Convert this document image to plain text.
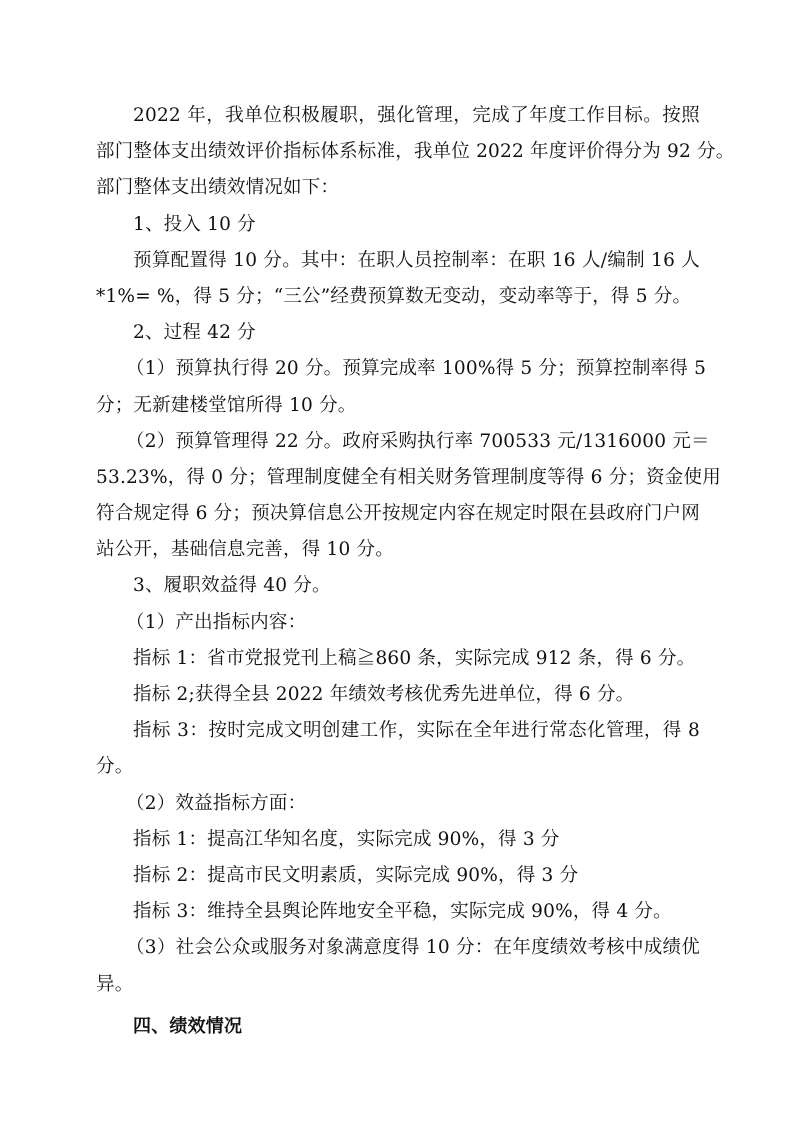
2022 年，我单位积极履职，强化管理，完成了年度工作目标。按照
部门整体支出绩效评价指标体系标准，我单位 2022 年度评价得分为 92 分。
部门整体支出绩效情况如下：
1、投入 10 分
预算配置得 10 分。其中：在职人员控制率：在职 16 人/编制 16 人
*1%= %，得 5 分；“三公”经费预算数无变动，变动率等于，得 5 分。
2、过程 42 分
（1）预算执行得 20 分。预算完成率 100%得 5 分；预算控制率得 5
分；无新建楼堂馆所得 10 分。
（2）预算管理得 22 分。政府采购执行率 700533 元/1316000 元＝
53.23%，得 0 分；管理制度健全有相关财务管理制度等得 6 分；资金使用
符合规定得 6 分；预决算信息公开按规定内容在规定时限在县政府门户网
站公开，基础信息完善，得 10 分。
3、履职效益得 40 分。
（1）产出指标内容：
指标 1：省市党报党刊上稿≧860 条，实际完成 912 条，得 6 分。
指标 2;获得全县 2022 年绩效考核优秀先进单位，得 6 分。
指标 3：按时完成文明创建工作，实际在全年进行常态化管理，得 8
分。
（2）效益指标方面：
指标 1：提高江华知名度，实际完成 90%，得 3 分
指标 2：提高市民文明素质，实际完成 90%，得 3 分
指标 3：维持全县舆论阵地安全平稳，实际完成 90%，得 4 分。
（3）社会公众或服务对象满意度得 10 分：在年度绩效考核中成绩优
异。
四、绩效情况
